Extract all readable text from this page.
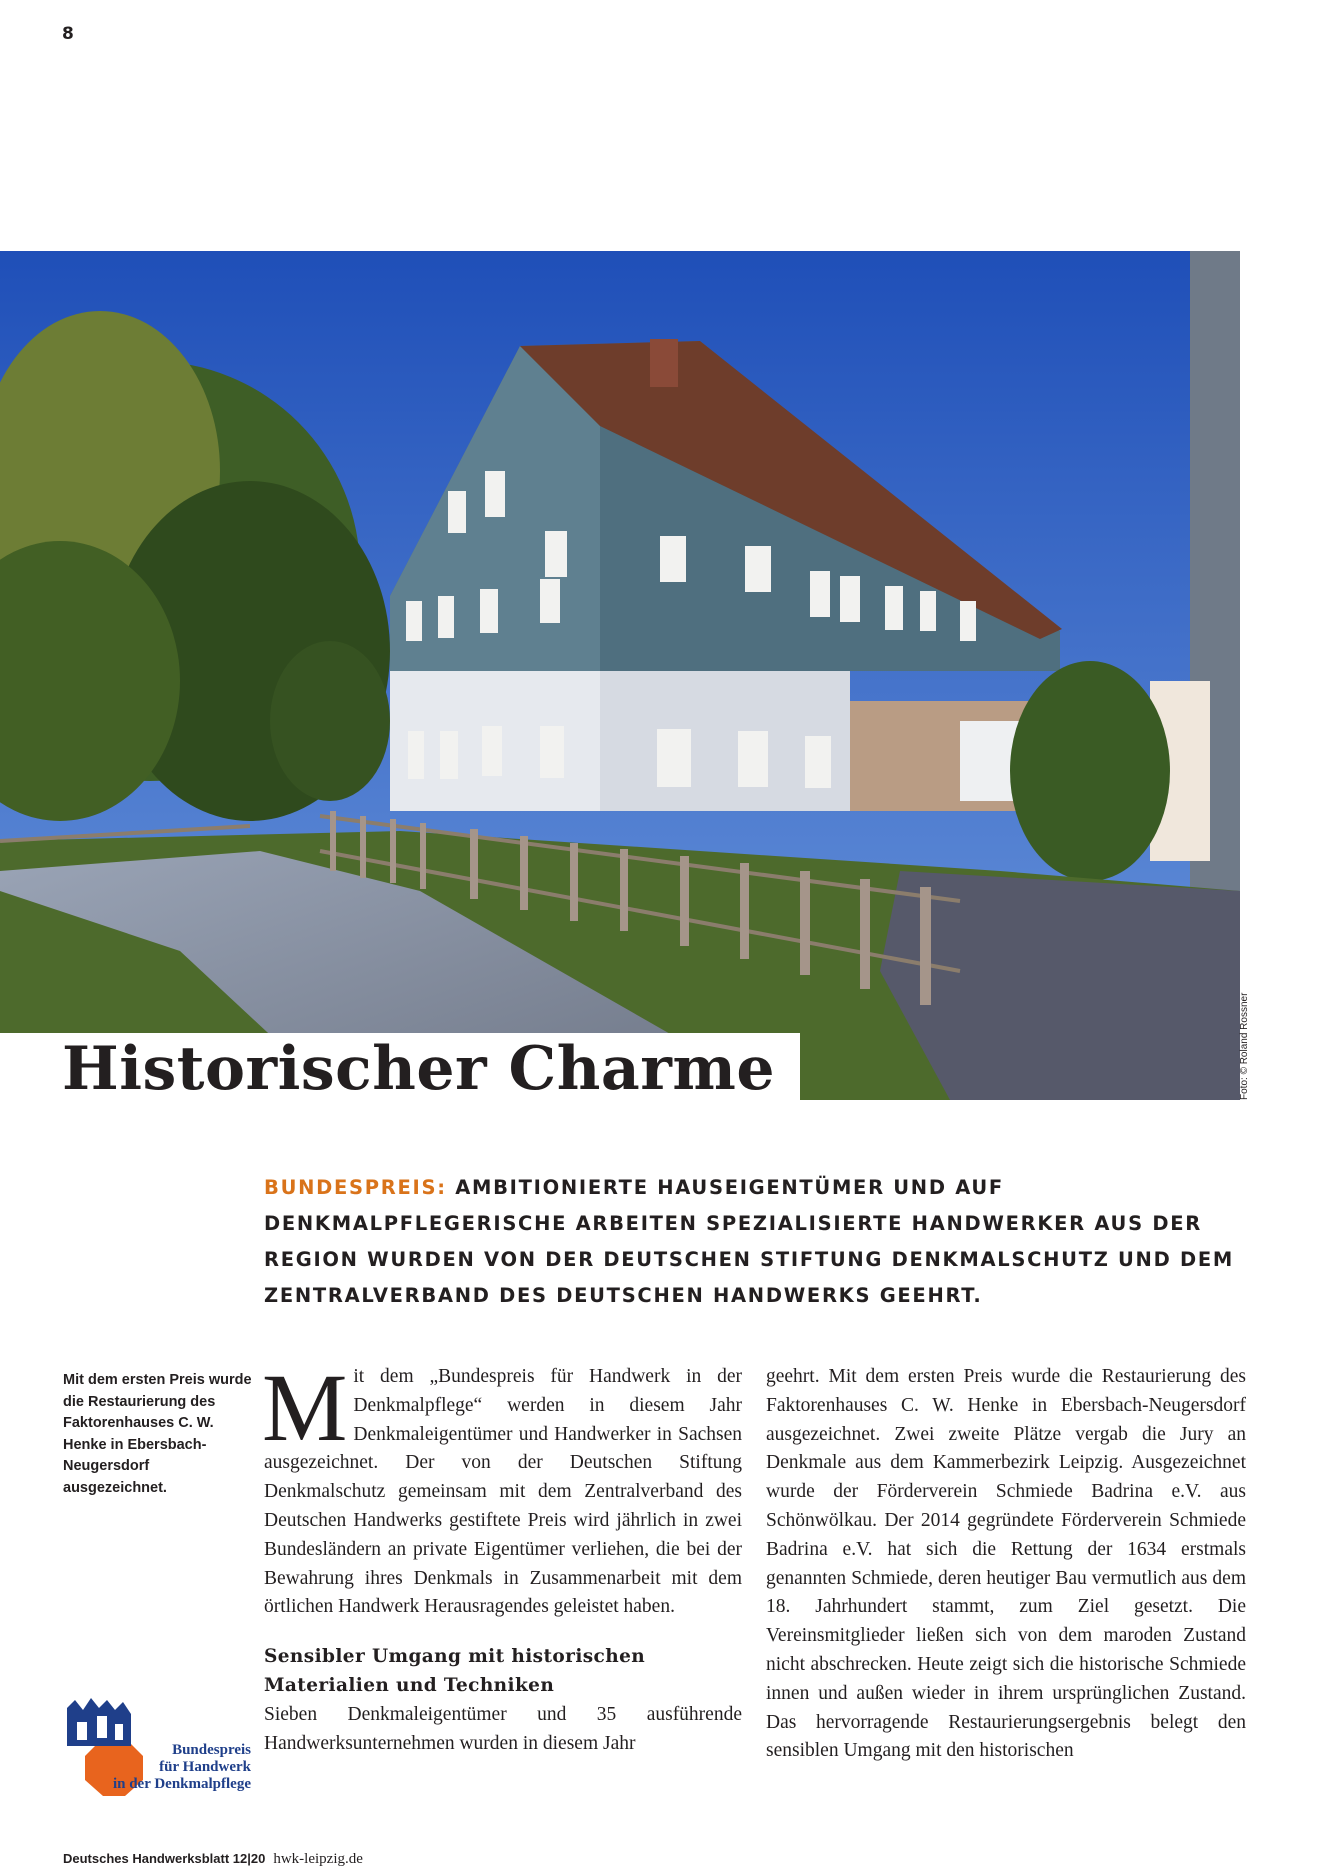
8
Foto: © Roland Rossner
Historischer Charme

BUNDESPREIS: AMBITIONIERTE HAUSEIGENTÜMER UND AUF DENKMALPFLEGERISCHE ARBEITEN SPEZIALISIERTE HANDWERKER AUS DER REGION WURDEN VON DER DEUTSCHEN STIFTUNG DENKMALSCHUTZ UND DEM ZENTRALVERBAND DES DEUTSCHEN HANDWERKS GEEHRT.

Mit dem ersten Preis wurde die Restaurierung des Faktorenhauses C. W. Henke in Ebersbach-Neugersdorf ausgezeichnet.

Mit dem „Bundespreis für Handwerk in der Denkmalpflege“ werden in diesem Jahr Denkmaleigentümer und Handwerker in Sachsen ausgezeichnet. Der von der Deutschen Stiftung Denkmalschutz gemeinsam mit dem Zentralverband des Deutschen Handwerks gestiftete Preis wird jährlich in zwei Bundesländern an private Eigentümer verliehen, die bei der Bewahrung ihres Denkmals in Zusammenarbeit mit dem örtlichen Handwerk Herausragendes geleistet haben.

Sensibler Umgang mit historischen Materialien und Techniken

Sieben Denkmaleigentümer und 35 ausführende Handwerksunternehmen wurden in diesem Jahr

geehrt. Mit dem ersten Preis wurde die Restaurierung des Faktorenhauses C. W. Henke in Ebersbach-Neugersdorf ausgezeichnet. Zwei zweite Plätze vergab die Jury an Denkmale aus dem Kammerbezirk Leipzig. Ausgezeichnet wurde der Förderverein Schmiede Badrina e.V. aus Schönwölkau. Der 2014 gegründete Förderverein Schmiede Badrina e.V. hat sich die Rettung der 1634 erstmals genannten Schmiede, deren heutiger Bau vermutlich aus dem 18. Jahrhundert stammt, zum Ziel gesetzt. Die Vereinsmitglieder ließen sich von dem maroden Zustand nicht abschrecken. Heute zeigt sich die historische Schmiede innen und außen wieder in ihrem ursprünglichen Zustand. Das hervorragende Restaurierungsergebnis belegt den sensiblen Umgang mit den historischen

Bundespreis
für Handwerk
in der Denkmalpflege
Deutsches Handwerksblatt 12|20 hwk-leipzig.de
